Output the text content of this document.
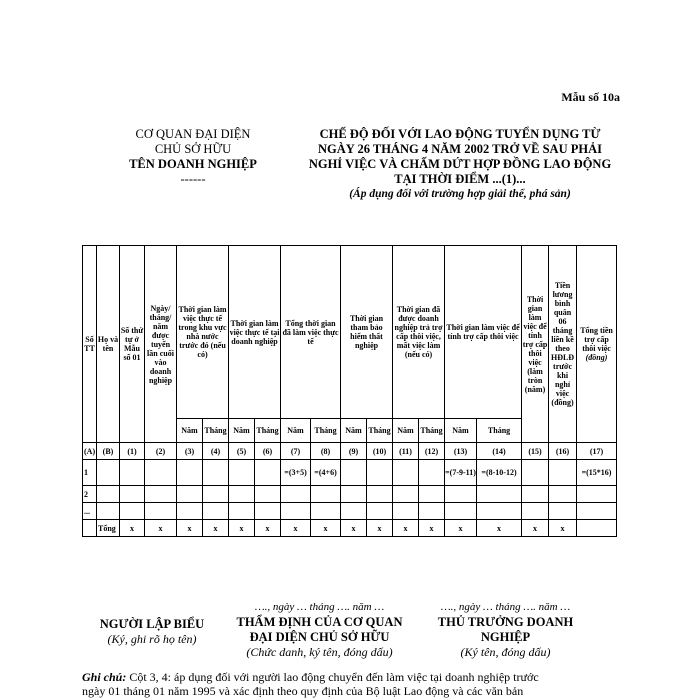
Mẫu số 10a
CƠ QUAN ĐẠI DIỆN
CHỦ SỞ HỮU
TÊN DOANH NGHIỆP
------
CHẾ ĐỘ ĐỐI VỚI LAO ĐỘNG TUYỂN DỤNG TỪ
NGÀY 26 THÁNG 4 NĂM 2002 TRỞ VỀ SAU PHẢI
NGHỈ VIỆC VÀ CHẤM DỨT HỢP ĐỒNG LAO ĐỘNG
TẠI THỜI ĐIỂM ...(1)...
(Áp dụng đối với trường hợp giải thể, phá sản)
Số TT	Họ và tên	Số thứ tự ở Mẫu số 01	Ngày/ tháng/ năm được tuyển lần cuối vào doanh nghiệp	Thời gian làm việc thực tế trong khu vực nhà nước trước đó (nếu có)		Thời gian làm việc thực tế tại doanh nghiệp		Tổng thời gian đã làm việc thực tế		Thời gian tham bảo hiểm thất nghiệp		Thời gian đã được doanh nghiệp trả trợ cấp thôi việc, mất việc làm (nếu có)		Thời gian làm việc để tính trợ cấp thôi việc		Thời gian làm việc để tính trợ cấp thôi việc (làm tròn (năm)	Tiền lương bình quân 06 tháng liền kề theo HĐLĐ trước khi nghỉ việc (đồng)	Tổng tiền trợ cấp thôi việc
(đồng)

				Năm	Tháng	Năm	Tháng	Năm	Tháng	Năm	Tháng	Năm	Tháng	Năm	Tháng			
(A)	(B)	(1)	(2)	(3)	(4)	(5)	(6)	(7)	(8)	(9)	(10)	(11)	(12)	(13)	(14)	(15)	(16)	(17)
1								=(3+5)	=(4+6)					=(7-9-11)	=(8-10-12)			=(15*16)
2																		
...																		
	Tổng	x	x	x	x	x	x	x	x	x	x	x	x	x	x	x	x	
NGƯỜI LẬP BIỂU
(Ký, ghi rõ họ tên)
…., ngày … tháng …. năm …
THẨM ĐỊNH CỦA CƠ QUAN
ĐẠI DIỆN CHỦ SỞ HỮU
(Chức danh, ký tên, đóng dấu)
…., ngày … tháng …. năm …
THỦ TRƯỞNG DOANH
NGHIỆP
(Ký tên, đóng dấu)
Ghi chú: Cột 3, 4: áp dụng đối với người lao động chuyển đến làm việc tại doanh nghiệp trước
ngày 01 tháng 01 năm 1995 và xác định theo quy định của Bộ luật Lao động và các văn bản
